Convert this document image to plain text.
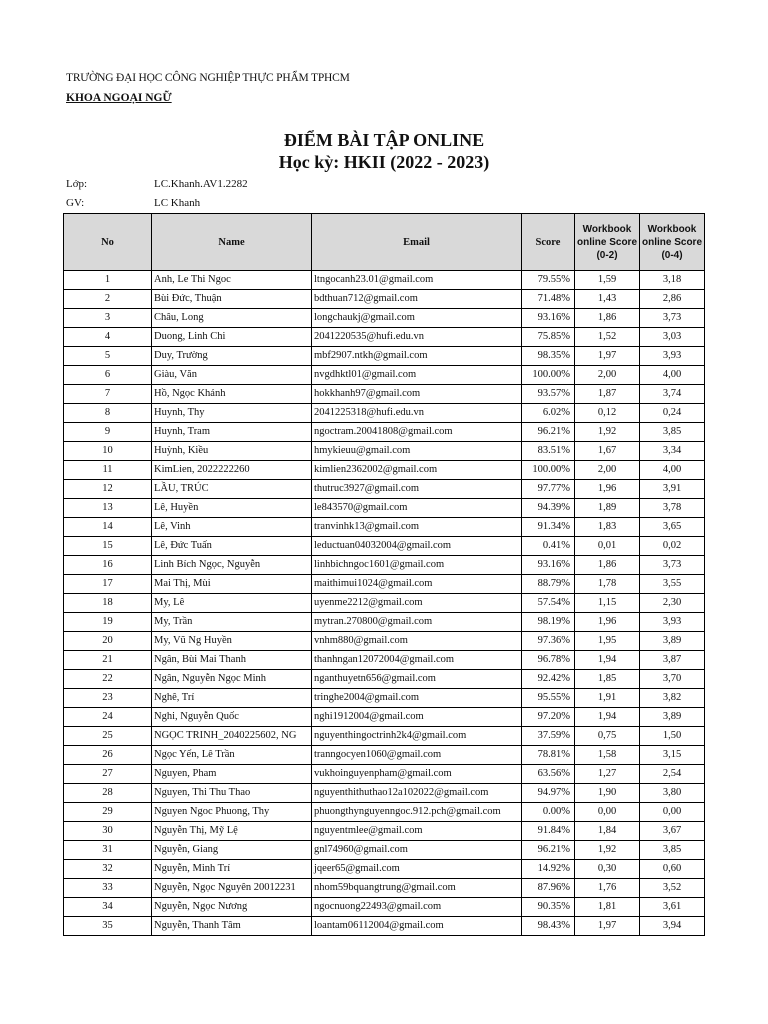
TRƯỜNG ĐẠI HỌC CÔNG NGHIỆP THỰC PHẨM TPHCM
KHOA NGOẠI NGỮ
ĐIỂM BÀI TẬP ONLINE
Học kỳ: HKII (2022 - 2023)
Lớp:	LC.Khanh.AV1.2282
GV:	LC Khanh
No	Name	Email	Score	Workbook online Score (0-2)	Workbook online Score (0-4)
1	Anh, Le Thi Ngoc	ltngocanh23.01@gmail.com	79.55%	1,59	3,18
2	Bùi Đức, Thuận	bdthuan712@gmail.com	71.48%	1,43	2,86
3	Châu, Long	longchaukj@gmail.com	93.16%	1,86	3,73
4	Duong, Linh Chi	2041220535@hufi.edu.vn	75.85%	1,52	3,03
5	Duy, Trường	mbf2907.ntkh@gmail.com	98.35%	1,97	3,93
6	Giàu, Văn	nvgdhktl01@gmail.com	100.00%	2,00	4,00
7	Hồ, Ngọc Khánh	hokkhanh97@gmail.com	93.57%	1,87	3,74
8	Huynh, Thy	2041225318@hufi.edu.vn	6.02%	0,12	0,24
9	Huynh, Tram	ngoctram.20041808@gmail.com	96.21%	1,92	3,85
10	Huỳnh, Kiều	hmykieuu@gmail.com	83.51%	1,67	3,34
11	KimLien, 2022222260	kimlien2362002@gmail.com	100.00%	2,00	4,00
12	LẦU, TRÚC	thutruc3927@gmail.com	97.77%	1,96	3,91
13	Lê, Huyền	le843570@gmail.com	94.39%	1,89	3,78
14	Lê, Vinh	tranvinhk13@gmail.com	91.34%	1,83	3,65
15	Lê, Đức Tuấn	leductuan04032004@gmail.com	0.41%	0,01	0,02
16	Linh Bích Ngọc, Nguyễn	linhbichngoc1601@gmail.com	93.16%	1,86	3,73
17	Mai Thị, Mùi	maithimui1024@gmail.com	88.79%	1,78	3,55
18	My, Lê	uyenme2212@gmail.com	57.54%	1,15	2,30
19	My, Trần	mytran.270800@gmail.com	98.19%	1,96	3,93
20	My, Vũ Ng Huyền	vnhm880@gmail.com	97.36%	1,95	3,89
21	Ngân, Bùi Mai Thanh	thanhngan12072004@gmail.com	96.78%	1,94	3,87
22	Ngân, Nguyễn Ngọc Minh	nganthuyetn656@gmail.com	92.42%	1,85	3,70
23	Nghê, Trí	tringhe2004@gmail.com	95.55%	1,91	3,82
24	Nghi, Nguyễn Quốc	nghi1912004@gmail.com	97.20%	1,94	3,89
25	NGỌC TRINH_2040225602, NG	nguyenthingoctrinh2k4@gmail.com	37.59%	0,75	1,50
26	Ngọc Yến, Lê Trần	tranngocyen1060@gmail.com	78.81%	1,58	3,15
27	Nguyen, Pham	vukhoinguyenpham@gmail.com	63.56%	1,27	2,54
28	Nguyen, Thi Thu Thao	nguyenthithuthao12a102022@gmail.com	94.97%	1,90	3,80
29	Nguyen Ngoc Phuong, Thy	phuongthynguyenngoc.912.pch@gmail.com	0.00%	0,00	0,00
30	Nguyễn Thị, Mỹ Lệ	nguyentmlee@gmail.com	91.84%	1,84	3,67
31	Nguyễn, Giang	gnl74960@gmail.com	96.21%	1,92	3,85
32	Nguyễn, Minh Trí	jqeer65@gmail.com	14.92%	0,30	0,60
33	Nguyễn, Ngọc Nguyên 20012231	nhom59bquangtrung@gmail.com	87.96%	1,76	3,52
34	Nguyễn, Ngọc Nương	ngocnuong22493@gmail.com	90.35%	1,81	3,61
35	Nguyễn, Thanh Tâm	loantam06112004@gmail.com	98.43%	1,97	3,94
